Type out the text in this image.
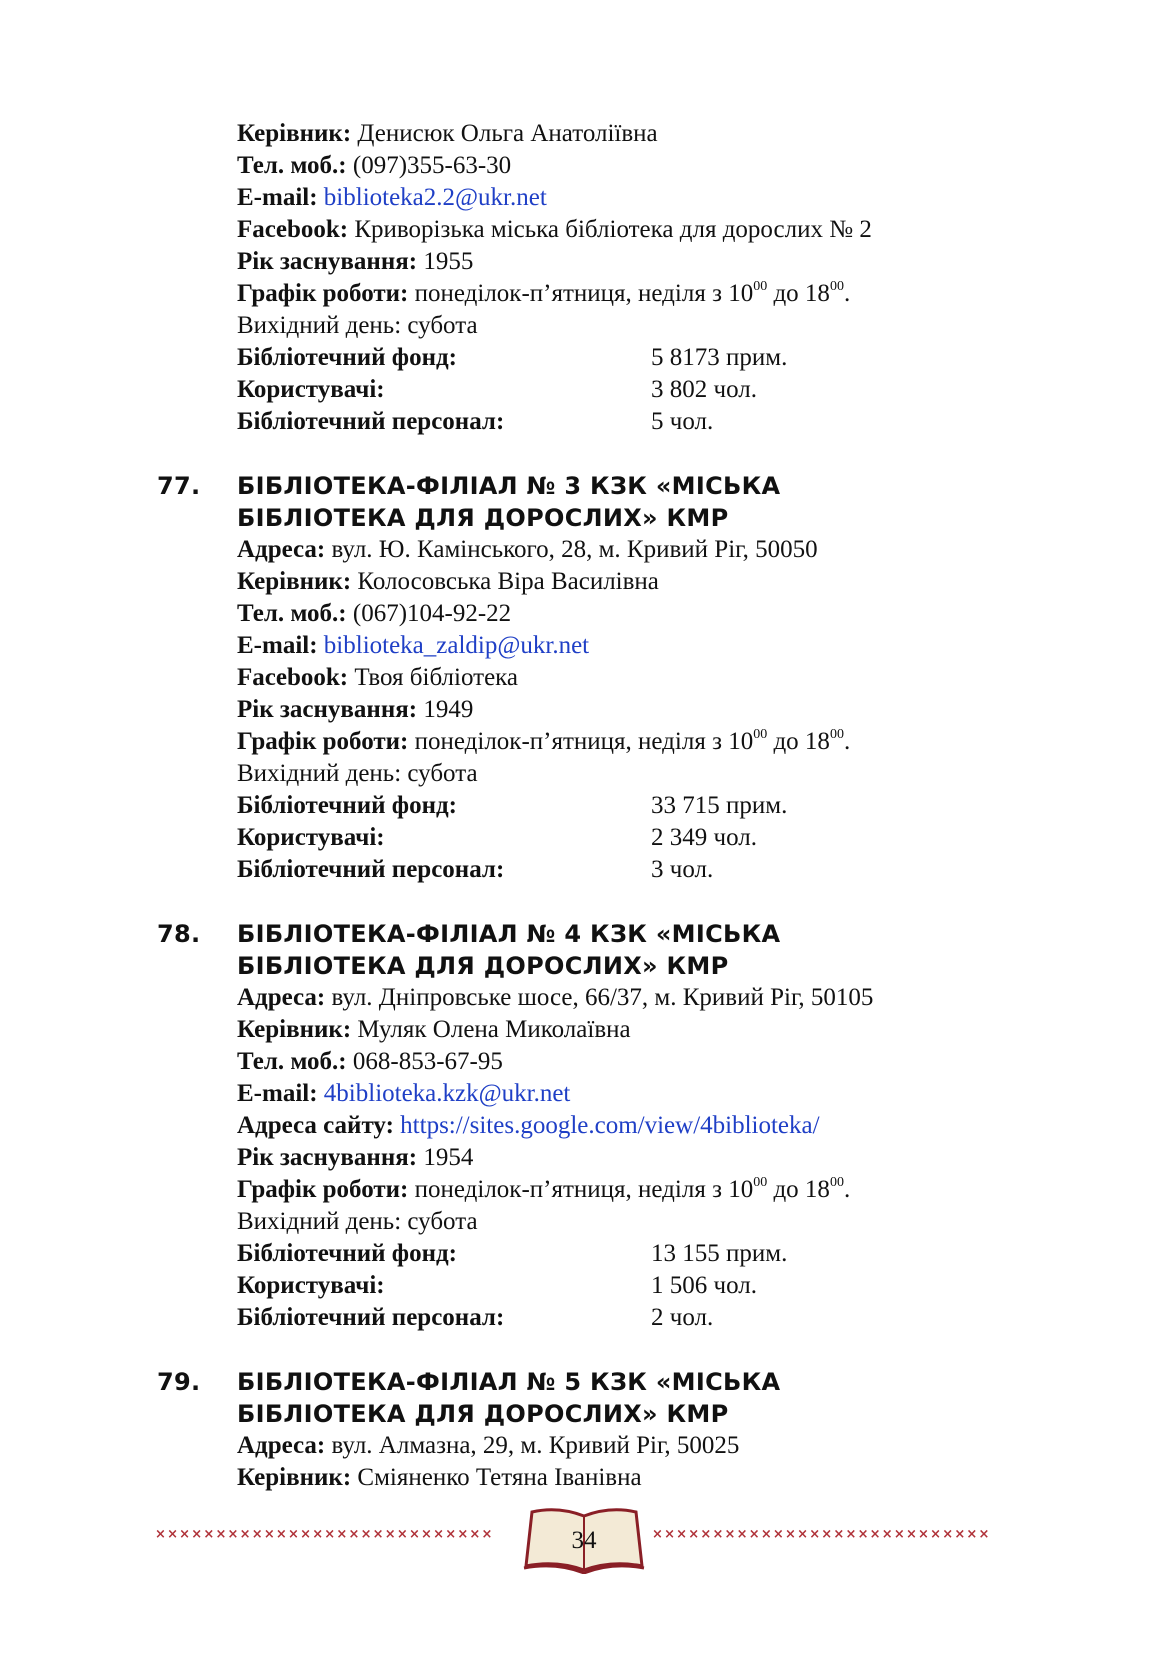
Керівник: Денисюк Ольга Анатоліївна
Тел. моб.: (097)355-63-30
E-mail: biblioteka2.2@ukr.net
Facebook: Криворізька міська бібліотека для дорослих № 2
Рік заснування: 1955
Графік роботи: понеділок-п’ятниця, неділя з $10^{00}$ до $18^{00}$.
Вихідний день: субота
Бібліотечний фонд:	5 8173 прим.
Користувачі:	3 802 чол.
Бібліотечний персонал:	5 чол.
77. БІБЛІОТЕКА-ФІЛІАЛ № 3 КЗК «МІСЬКА
БІБЛІОТЕКА ДЛЯ ДОРОСЛИХ» КМР
Адреса: вул. Ю. Камінського, 28, м. Кривий Ріг, 50050
Керівник: Колосовська Віра Василівна
Тел. моб.: (067)104-92-22
E-mail: biblioteka_zaldip@ukr.net
Facebook: Твоя бібліотека
Рік заснування: 1949
Графік роботи: понеділок-п’ятниця, неділя з $10^{00}$ до $18^{00}$.
Вихідний день: субота
Бібліотечний фонд:	33 715 прим.
Користувачі:	2 349 чол.
Бібліотечний персонал:	3 чол.
78. БІБЛІОТЕКА-ФІЛІАЛ № 4 КЗК «МІСЬКА
БІБЛІОТЕКА ДЛЯ ДОРОСЛИХ» КМР
Адреса: вул. Дніпровське шосе, 66/37, м. Кривий Ріг, 50105
Керівник: Муляк Олена Миколаївна
Тел. моб.: 068-853-67-95
E-mail: 4biblioteka.kzk@ukr.net
Адреса сайту: https://sites.google.com/view/4biblioteka/
Рік заснування: 1954
Графік роботи: понеділок-п’ятниця, неділя з $10^{00}$ до $18^{00}$.
Вихідний день: субота
Бібліотечний фонд:	13 155 прим.
Користувачі:	1 506 чол.
Бібліотечний персонал:	2 чол.
79. БІБЛІОТЕКА-ФІЛІАЛ № 5 КЗК «МІСЬКА
БІБЛІОТЕКА ДЛЯ ДОРОСЛИХ» КМР
Адреса: вул. Алмазна, 29, м. Кривий Ріг, 50025
Керівник: Сміяненко Тетяна Іванівна
××××××××××××××××××××××××××××	××××××××××××××××××××××××××××
34
